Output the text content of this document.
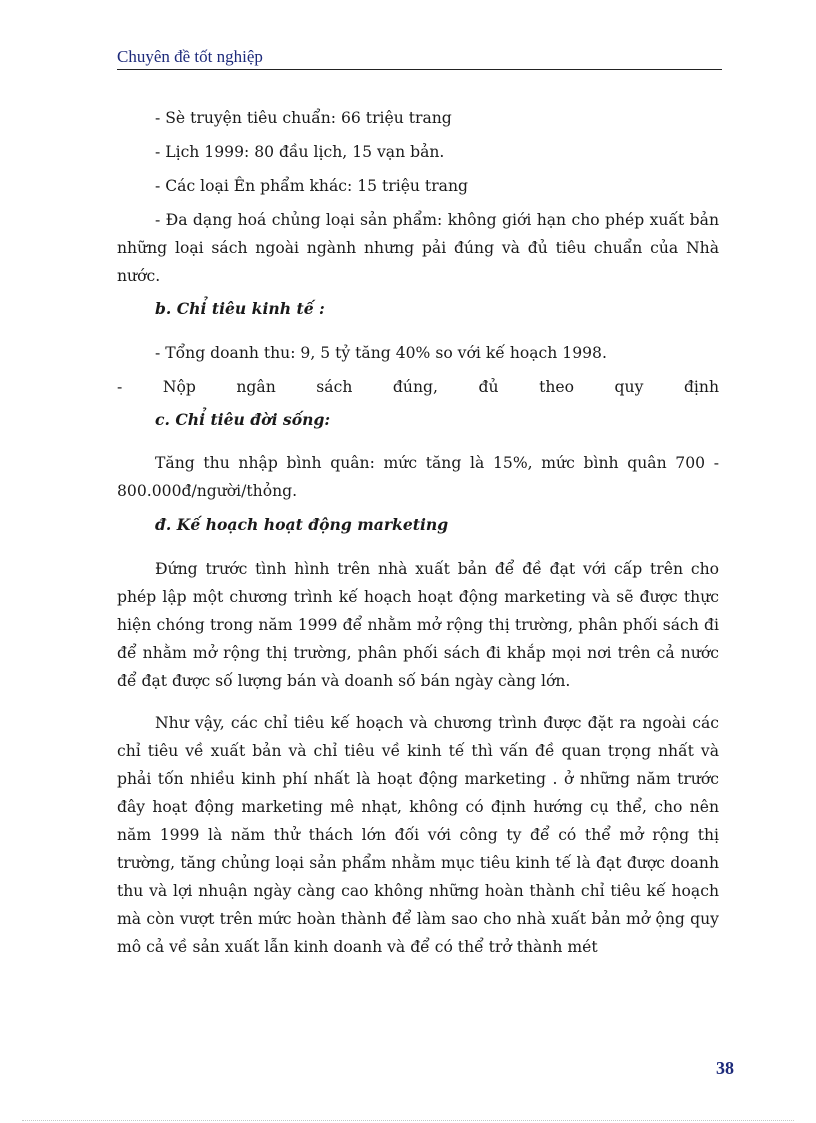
Chuyên đề tốt nghiệp

- Sè truyện tiêu chuẩn: 66 triệu trang

- Lịch 1999: 80 đầu lịch, 15 vạn bản.

- Các loại Ên phẩm khác: 15 triệu trang

- Đa dạng hoá chủng loại sản phẩm: không giới hạn cho phép xuất bản những loại sách ngoài ngành nhưng pải đúng và đủ tiêu chuẩn của Nhà nước.

b. Chỉ tiêu kinh tế :

- Tổng doanh thu: 9, 5 tỷ tăng 40% so với kế hoạch 1998.

- Nộp ngân sách đúng, đủ theo quy định

c. Chỉ tiêu đời sống:

Tăng thu nhập bình quân: mức tăng là 15%, mức bình quân 700 - 800.000đ/người/thỏng.

đ. Kế hoạch hoạt động marketing

Đứng trước tình hình trên nhà xuất bản để đề đạt với cấp trên cho phép lập một chương trình kế hoạch hoạt động marketing và sẽ được thực hiện chóng trong năm 1999 để nhằm mở rộng thị trường, phân phối sách đi để nhằm mở rộng thị trường, phân phối sách đi khắp mọi nơi trên cả nước để đạt được số lượng bán và doanh số bán ngày càng lớn.

Như vậy, các chỉ tiêu kế hoạch và chương trình được đặt ra ngoài các chỉ tiêu về xuất bản và chỉ tiêu về kinh tế thì vấn đề quan trọng nhất và phải tốn nhiều kinh phí nhất là hoạt động marketing . ở những năm trước đây hoạt động marketing mê nhạt, không có định hướng cụ thể, cho nên năm 1999 là năm thử thách lớn đối với công ty để có thể mở rộng thị trường, tăng chủng loại sản phẩm nhằm mục tiêu kinh tế là đạt được doanh thu và lợi nhuận ngày càng cao không những hoàn thành chỉ tiêu kế hoạch mà còn vượt trên mức hoàn thành để làm sao cho nhà xuất bản mở ộng quy mô cả về sản xuất lẫn kinh doanh và để có thể trở thành mét

38
